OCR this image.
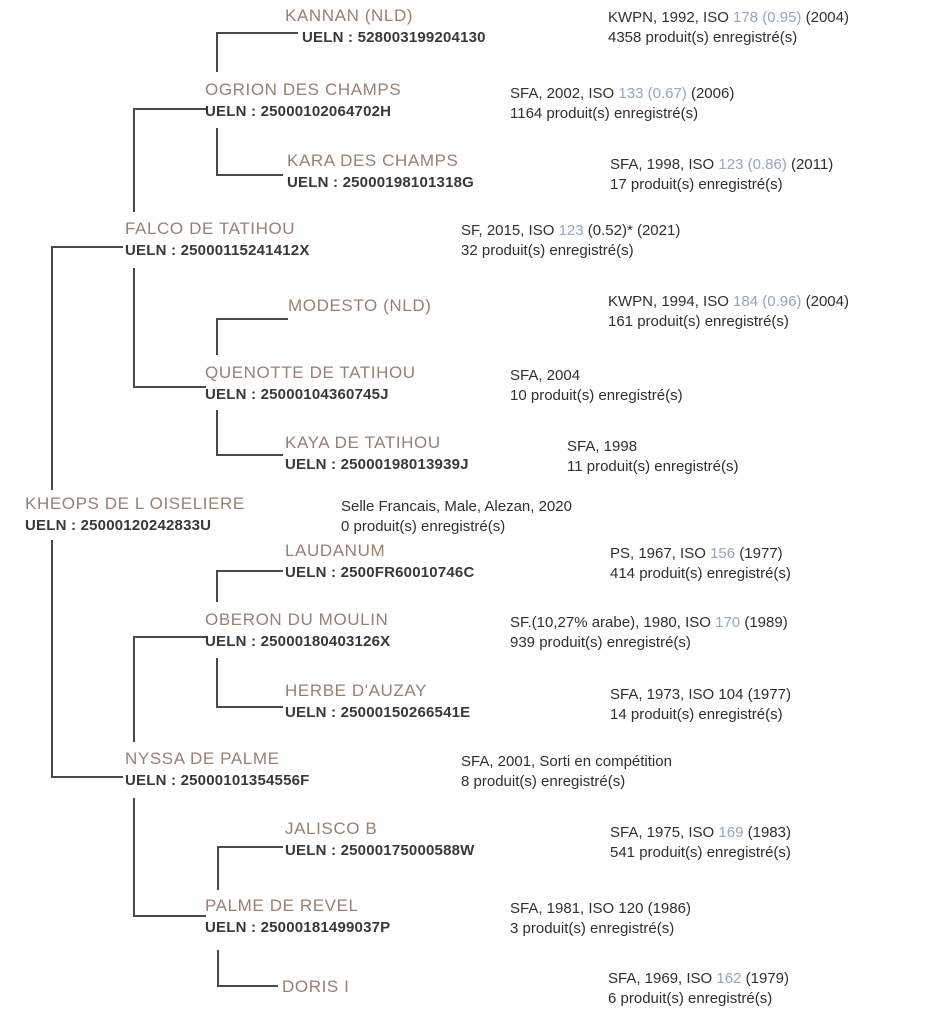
KANNAN (NLD)
UELN : 528003199204130
KWPN, 1992, ISO 178 (0.95) (2004)
4358 produit(s) enregistré(s)
OGRION DES CHAMPS
UELN : 25000102064702H
SFA, 2002, ISO 133 (0.67) (2006)
1164 produit(s) enregistré(s)
KARA DES CHAMPS
UELN : 25000198101318G
SFA, 1998, ISO 123 (0.86) (2011)
17 produit(s) enregistré(s)
FALCO DE TATIHOU
UELN : 25000115241412X
SF, 2015, ISO 123 (0.52)* (2021)
32 produit(s) enregistré(s)
MODESTO (NLD)	KWPN, 1994, ISO 184 (0.96) (2004)
161 produit(s) enregistré(s)
QUENOTTE DE TATIHOU
UELN : 25000104360745J
SFA, 2004
10 produit(s) enregistré(s)
KAYA DE TATIHOU
UELN : 25000198013939J
SFA, 1998
11 produit(s) enregistré(s)
KHEOPS DE L OISELIERE
UELN : 25000120242833U
Selle Francais, Male, Alezan, 2020
0 produit(s) enregistré(s)
LAUDANUM
UELN : 2500FR60010746C
PS, 1967, ISO 156 (1977)
414 produit(s) enregistré(s)
OBERON DU MOULIN
UELN : 25000180403126X
SF.(10,27% arabe), 1980, ISO 170 (1989)
939 produit(s) enregistré(s)
HERBE D'AUZAY
UELN : 25000150266541E
SFA, 1973, ISO 104 (1977)
14 produit(s) enregistré(s)
NYSSA DE PALME
UELN : 25000101354556F
SFA, 2001, Sorti en compétition
8 produit(s) enregistré(s)
JALISCO B
UELN : 25000175000588W
SFA, 1975, ISO 169 (1983)
541 produit(s) enregistré(s)
PALME DE REVEL
UELN : 25000181499037P
SFA, 1981, ISO 120 (1986)
3 produit(s) enregistré(s)
DORIS I	SFA, 1969, ISO 162 (1979)
6 produit(s) enregistré(s)
